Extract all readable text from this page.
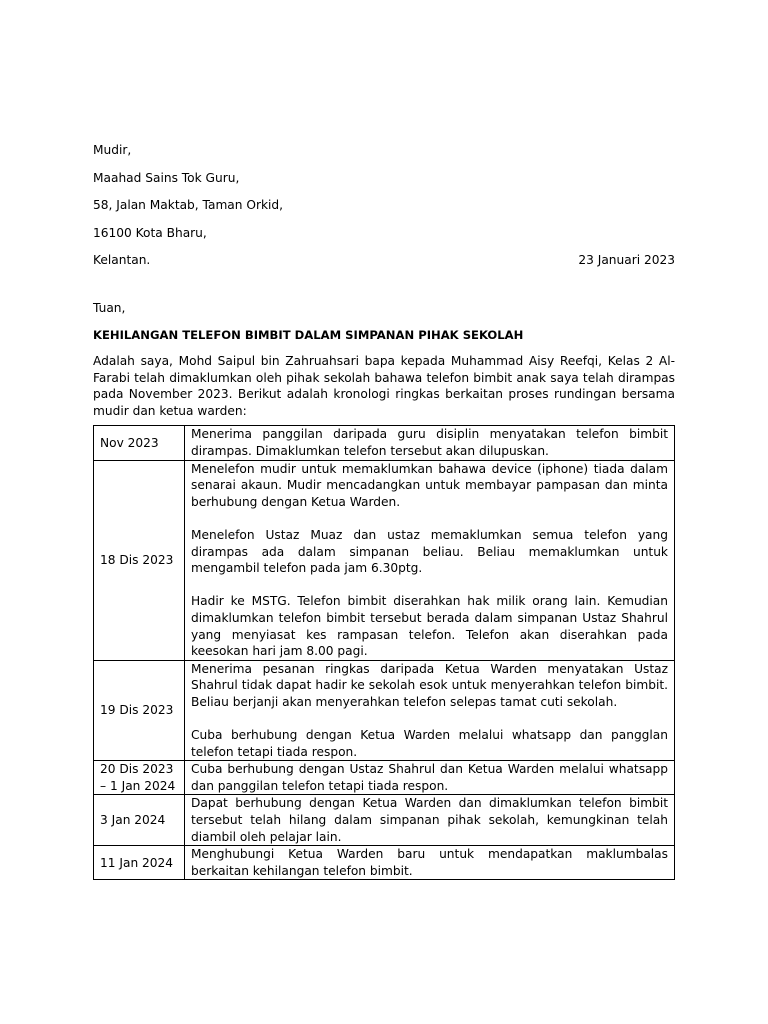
Mudir,
Maahad Sains Tok Guru,
58, Jalan Maktab, Taman Orkid,
16100 Kota Bharu,
Kelantan.	23 Januari 2023
Tuan,
KEHILANGAN TELEFON BIMBIT DALAM SIMPANAN PIHAK SEKOLAH
Adalah saya, Mohd Saipul bin Zahruahsari bapa kepada Muhammad Aisy Reefqi, Kelas 2 Al-Farabi telah dimaklumkan oleh pihak sekolah bahawa telefon bimbit anak saya telah dirampas pada November 2023. Berikut adalah kronologi ringkas berkaitan proses rundingan bersama mudir dan ketua warden:
Nov 2023	Menerima panggilan daripada guru disiplin menyatakan telefon bimbit dirampas. Dimaklumkan telefon tersebut akan dilupuskan.

18 Dis 2023	Menelefon mudir untuk memaklumkan bahawa device (iphone) tiada dalam senarai akaun. Mudir mencadangkan untuk membayar pampasan dan minta berhubung dengan Ketua Warden.
Menelefon Ustaz Muaz dan ustaz memaklumkan semua telefon yang dirampas ada dalam simpanan beliau. Beliau memaklumkan untuk mengambil telefon pada jam 6.30ptg.
Hadir ke MSTG. Telefon bimbit diserahkan hak milik orang lain. Kemudian dimaklumkan telefon bimbit tersebut berada dalam simpanan Ustaz Shahrul yang menyiasat kes rampasan telefon. Telefon akan diserahkan pada keesokan hari jam 8.00 pagi.

19 Dis 2023	Menerima pesanan ringkas daripada Ketua Warden menyatakan Ustaz Shahrul tidak dapat hadir ke sekolah esok untuk menyerahkan telefon bimbit. Beliau berjanji akan menyerahkan telefon selepas tamat cuti sekolah.
Cuba berhubung dengan Ketua Warden melalui whatsapp dan pangglan telefon tetapi tiada respon.

20 Dis 2023 – 1 Jan 2024	Cuba berhubung dengan Ustaz Shahrul dan Ketua Warden melalui whatsapp dan panggilan telefon tetapi tiada respon.

3 Jan 2024	Dapat berhubung dengan Ketua Warden dan dimaklumkan telefon bimbit tersebut telah hilang dalam simpanan pihak sekolah, kemungkinan telah diambil oleh pelajar lain.

11 Jan 2024	Menghubungi Ketua Warden baru untuk mendapatkan maklumbalas berkaitan kehilangan telefon bimbit.
